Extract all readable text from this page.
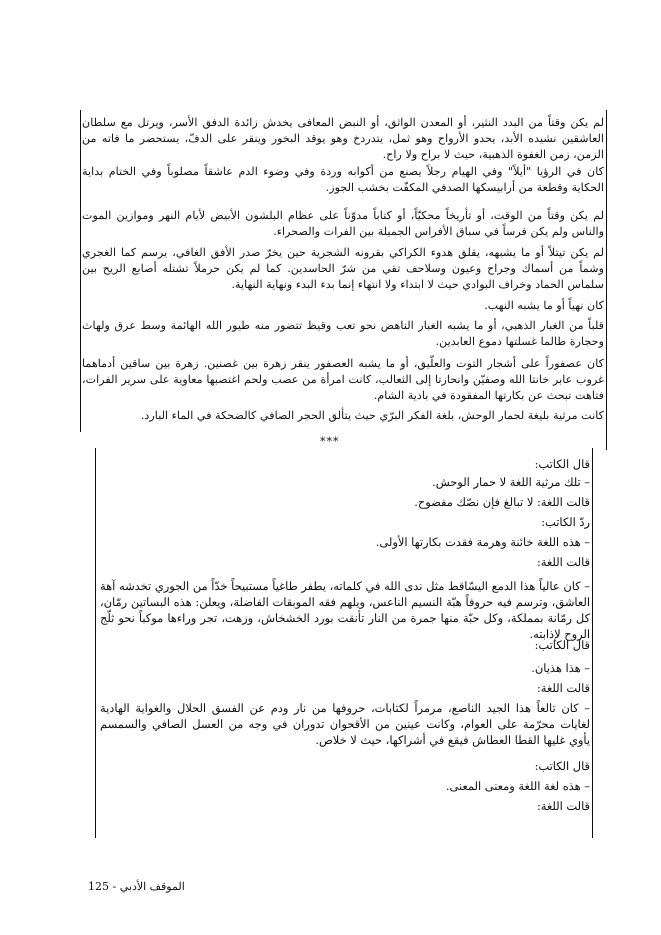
لم يكن وقتاً من البدد النثير، أو المعدن الواثق، أو النبض المعافى يخدش زائدة الدفق الأسر، ويرتل مع سلطان العاشقين نشيده الأبد، يحدو الأرواح وهو ثمل، يتدردخ وهو يوقد البخور وينقر على الدفّ، يستحضر ما فاته من الزمن، زمن الغفوة الذهبية، حيث لا براح ولا راح.

كان في الرؤيا "أيلاً" وفي الهيام رجلاً يصنع من أكوابه وردة وفي وضوء الدم عاشقاً مصلوباً وفي الختام بداية الحكاية وقطعة من أرابيسكها الصدفي المكفّت بخشب الجوز.

لم يكن وقتاً من الوقت، أو تأريخاً محكيّاً، أو كتاباً مدوّناً على عظام البلشون الأبيض لأيام النهر وموازين الموت والناس ولم يكن فرساً في سباق الأفراس الجميلة بين الفرات والصحراء.

لم يكن تيتلاً أو ما يشبهه، يقلق هدوء الكراكي بقرونه الشجرية حين يخرّ صدر الأفق الغافي، يرسم كما الغجري وشماً من أسماك وجراح وعيون وسلاحف تقي من شرّ الحاسدين. كما لم يكن حرملاً تشتله أصابع الريح بين سلماس الحماد وخراف البوادي حيث لا ابتداء ولا انتهاء إنما بدء البدء ونهاية النهاية.

كان نهياً أو ما يشبه النهب.

قلباً من الغبار الذهبي، أو ما يشبه الغبار الناهض نحو تعب وقيظ تتضور منه طيور الله الهائمة وسط عرق ولهاث وحجارة طالما غسلتها دموع العابدين.

كان عصفوراً على أشجار التوت والعلّيق، أو ما يشبه العصفور ينقر زهرة بين غصنين. زهرة بين ساقين أدماهما غروب عابر خانتا الله وصفيّن وانحازتا إلى الثعالب، كانت امرأة من عصب ولحم اغتصبها معاوية على سرير الفرات، فتاهت تبحث عن بكارتها المفقودة في بادية الشام.

كانت مرثية بليغة لحمار الوحش، بلغة الفكر البرّي حيث يتألق الحجر الصافي كالضحكة في الماء البارد.

***

قال الكاتب:

– تلك مرثية اللغة لا حمار الوحش.

قالت اللغة: لا تبالغ فإن نصّك مفضوح.

ردّ الكاتب:

– هذه اللغة خائنة وهرمة فقدت بكارتها الأولى.

قالت اللغة:

– كان عالياً هذا الدمع اليسّاقط مثل ندى الله في كلماته، يطفر طاغياً مستبيحاً خدّاً من الجوري تخدشه آهة العاشق، وترسم فيه حروفاً هبّة النسيم الناعس، ويلهم فقه الموبقات الفاضلة، ويعلن: هذه البساتين رمّان، كل رمّانة بمملكة، وكل حبّة منها جمرة من النار تأنقت بورد الخشخاش، وزهت، تجر وراءها موكباً نحو ثلّج الروح لإذابته.

قال الكاتب:

– هذا هذيان.

قالت اللغة:

– كان تالعاً هذا الجيد الناصع، مرمراً لكتابات، حروفها من نار ودم عن الفسق الحلال والغواية الهادية لغايات محرّمة على العوام، وكانت عينين من الأقحوان تدوران في وجه من العسل الصافي والسمسم يأوي غليها القطا العطاش فيقع في أشراكها، حيث لا خلاص.

قال الكاتب:

– هذه لغة اللغة ومعنى المعنى.

قالت اللغة:

الموقف الأدبي - 125
